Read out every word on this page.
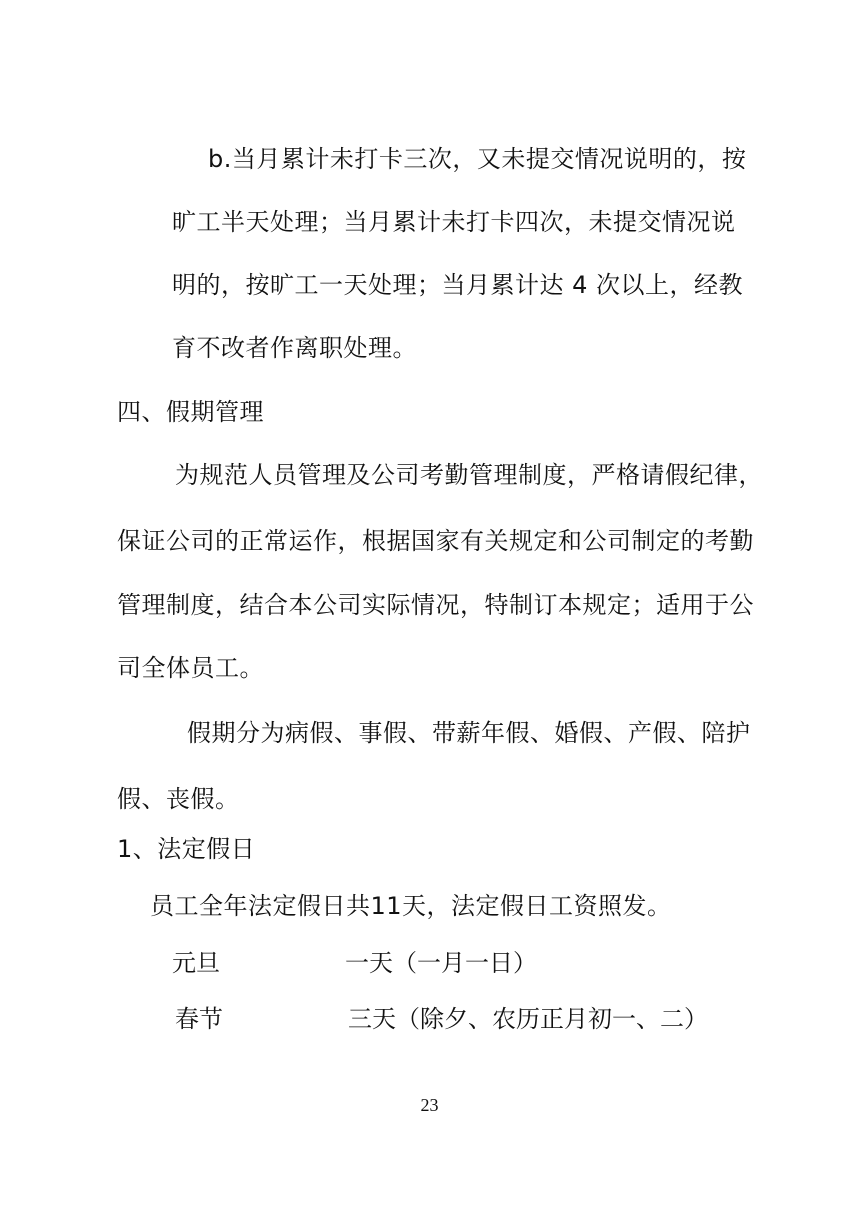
b.当月累计未打卡三次，又未提交情况说明的，按
旷工半天处理；当月累计未打卡四次，未提交情况说
明的，按旷工一天处理；当月累计达 4 次以上，经教
育不改者作离职处理。
四、假期管理
为规范人员管理及公司考勤管理制度，严格请假纪律，
保证公司的正常运作，根据国家有关规定和公司制定的考勤
管理制度，结合本公司实际情况，特制订本规定；适用于公
司全体员工。
假期分为病假、事假、带薪年假、婚假、产假、陪护
假、丧假。
1、法定假日
员工全年法定假日共11天，法定假日工资照发。
元旦	一天（一月一日）
春节	三天（除夕、农历正月初一、二）
23
